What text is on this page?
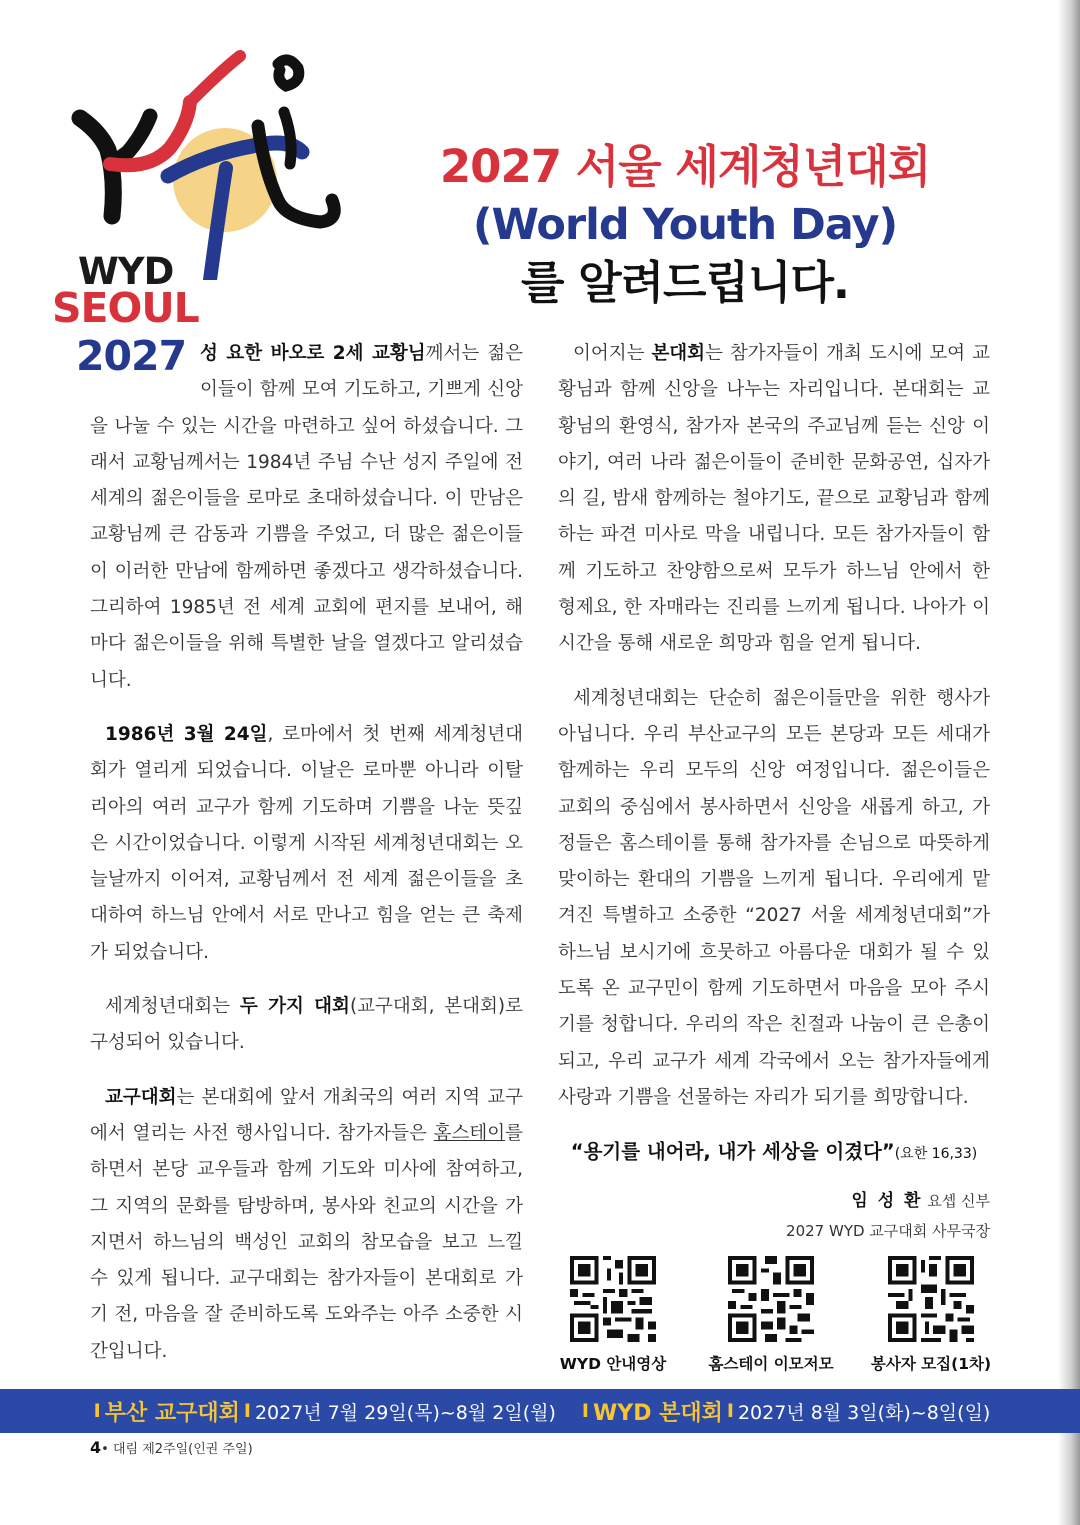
WYD
SEOUL
2027
2027 서울 세계청년대회
(World Youth Day)
를 알려드립니다.

성 요한 바오로 2세 교황님께서는 젊은이들이 함께 모여 기도하고, 기쁘게 신앙을 나눌 수 있는 시간을 마련하고 싶어 하셨습니다. 그래서 교황님께서는 1984년 주님 수난 성지 주일에 전 세계의 젊은이들을 로마로 초대하셨습니다. 이 만남은 교황님께 큰 감동과 기쁨을 주었고, 더 많은 젊은이들이 이러한 만남에 함께하면 좋겠다고 생각하셨습니다. 그리하여 1985년 전 세계 교회에 편지를 보내어, 해마다 젊은이들을 위해 특별한 날을 열겠다고 알리셨습니다.

1986년 3월 24일, 로마에서 첫 번째 세계청년대회가 열리게 되었습니다. 이날은 로마뿐 아니라 이탈리아의 여러 교구가 함께 기도하며 기쁨을 나눈 뜻깊은 시간이었습니다. 이렇게 시작된 세계청년대회는 오늘날까지 이어져, 교황님께서 전 세계 젊은이들을 초대하여 하느님 안에서 서로 만나고 힘을 얻는 큰 축제가 되었습니다.

세계청년대회는 두 가지 대회(교구대회, 본대회)로 구성되어 있습니다.

교구대회는 본대회에 앞서 개최국의 여러 지역 교구에서 열리는 사전 행사입니다. 참가자들은 홈스테이를 하면서 본당 교우들과 함께 기도와 미사에 참여하고, 그 지역의 문화를 탐방하며, 봉사와 친교의 시간을 가지면서 하느님의 백성인 교회의 참모습을 보고 느낄 수 있게 됩니다. 교구대회는 참가자들이 본대회로 가기 전, 마음을 잘 준비하도록 도와주는 아주 소중한 시간입니다.

이어지는 본대회는 참가자들이 개최 도시에 모여 교황님과 함께 신앙을 나누는 자리입니다. 본대회는 교황님의 환영식, 참가자 본국의 주교님께 듣는 신앙 이야기, 여러 나라 젊은이들이 준비한 문화공연, 십자가의 길, 밤새 함께하는 철야기도, 끝으로 교황님과 함께하는 파견 미사로 막을 내립니다. 모든 참가자들이 함께 기도하고 찬양함으로써 모두가 하느님 안에서 한 형제요, 한 자매라는 진리를 느끼게 됩니다. 나아가 이 시간을 통해 새로운 희망과 힘을 얻게 됩니다.

세계청년대회는 단순히 젊은이들만을 위한 행사가 아닙니다. 우리 부산교구의 모든 본당과 모든 세대가 함께하는 우리 모두의 신앙 여정입니다. 젊은이들은 교회의 중심에서 봉사하면서 신앙을 새롭게 하고, 가정들은 홈스테이를 통해 참가자를 손님으로 따뜻하게 맞이하는 환대의 기쁨을 느끼게 됩니다. 우리에게 맡겨진 특별하고 소중한 “2027 서울 세계청년대회”가 하느님 보시기에 흐뭇하고 아름다운 대회가 될 수 있도록 온 교구민이 함께 기도하면서 마음을 모아 주시기를 청합니다. 우리의 작은 친절과 나눔이 큰 은총이 되고, 우리 교구가 세계 각국에서 오는 참가자들에게 사랑과 기쁨을 선물하는 자리가 되기를 희망합니다.

“용기를 내어라, 내가 세상을 이겼다”(요한 16,33)
임 성 환 요셉 신부
2027 WYD 교구대회 사무국장
WYD 안내영상	홈스테이 이모저모	봉사자 모집(1차)
I 부산 교구대회 I 2027년 7월 29일(목)~8월 2일(월) I WYD 본대회 I 2027년 8월 3일(화)~8일(일)
4• 대림 제2주일(인권 주일)
